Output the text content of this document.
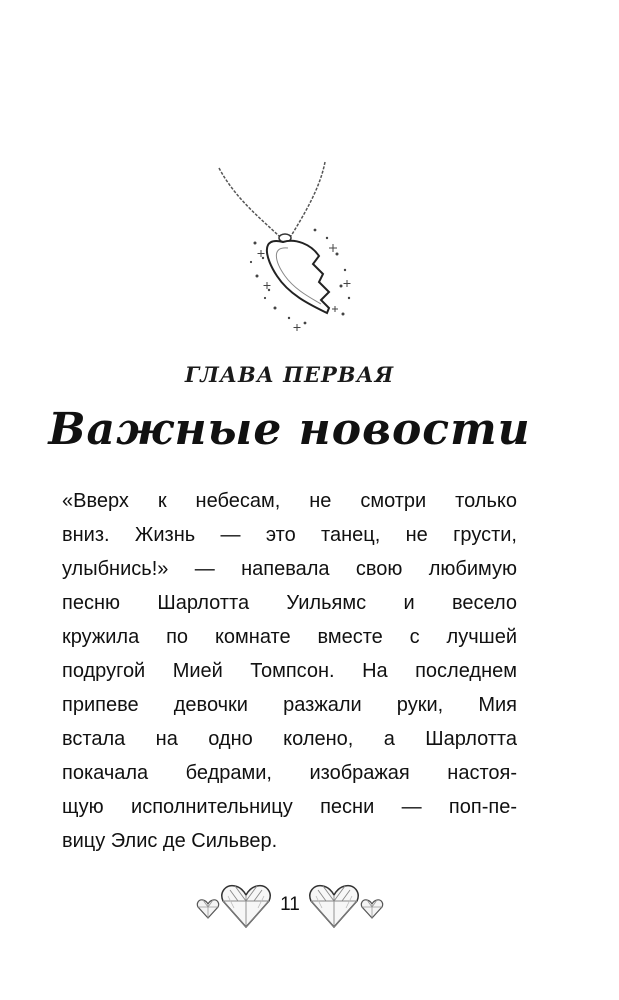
ГЛАВА ПЕРВАЯ
Важные новости
«Вверх к небесам, не смотри только
вниз. Жизнь — это танец, не грусти,
улыбнись!» — напевала свою любимую
песню Шарлотта Уильямс и весело
кружила по комнате вместе с лучшей
подругой Мией Томпсон. На последнем
припеве девочки разжали руки, Мия
встала на одно колено, а Шарлотта
покачала бедрами, изображая настоя-
щую исполнительницу песни — поп-пе-
вицу Элис де Сильвер.
11
